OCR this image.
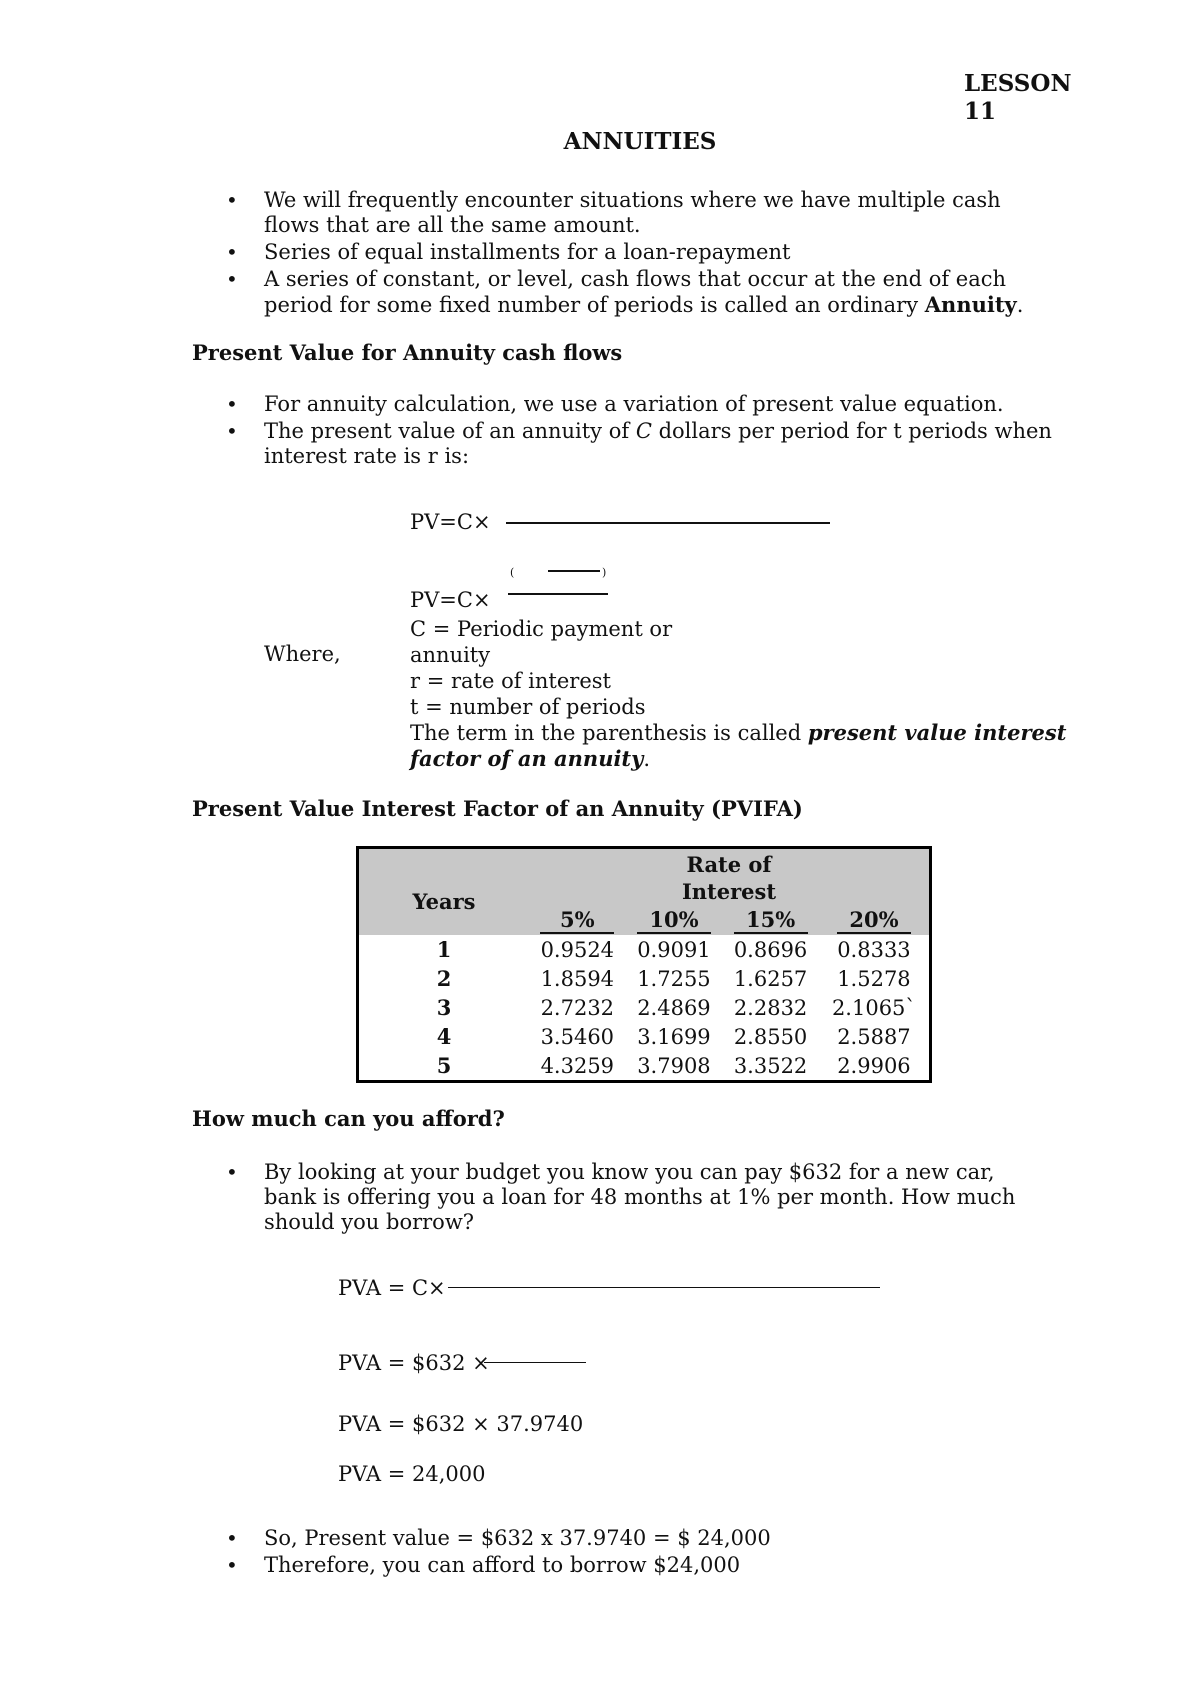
LESSON
11
ANNUITIES
• We will frequently encounter situations where we have multiple cash flows that are all the same amount.
• Series of equal installments for a loan-repayment
• A series of constant, or level, cash flows that occur at the end of each period for some fixed number of periods is called an ordinary Annuity.
Present Value for Annuity cash flows
• For annuity calculation, we use a variation of present value equation.
• The present value of an annuity of C dollars per period for t periods when interest rate is r is:
PV=C×
(	)
PV=C×
Where,
C = Periodic payment or annuity
r = rate of interest
t = number of periods
The term in the parenthesis is called present value interest factor of an annuity.
Present Value Interest Factor of an Annuity (PVIFA)
Years	Rate of
Interest			

	5%	10%	15%	20%
1	0.9524	0.9091	0.8696	0.8333
2	1.8594	1.7255	1.6257	1.5278
3	2.7232	2.4869	2.2832	2.1065`
4	3.5460	3.1699	2.8550	2.5887
5	4.3259	3.7908	3.3522	2.9906
How much can you afford?
• By looking at your budget you know you can pay $632 for a new car, bank is offering you a loan for 48 months at 1% per month. How much should you borrow?
PVA = C×
PVA = $632 ×
PVA = $632 × 37.9740
PVA = 24,000
• So, Present value = $632 x 37.9740 = $ 24,000
• Therefore, you can afford to borrow $24,000
